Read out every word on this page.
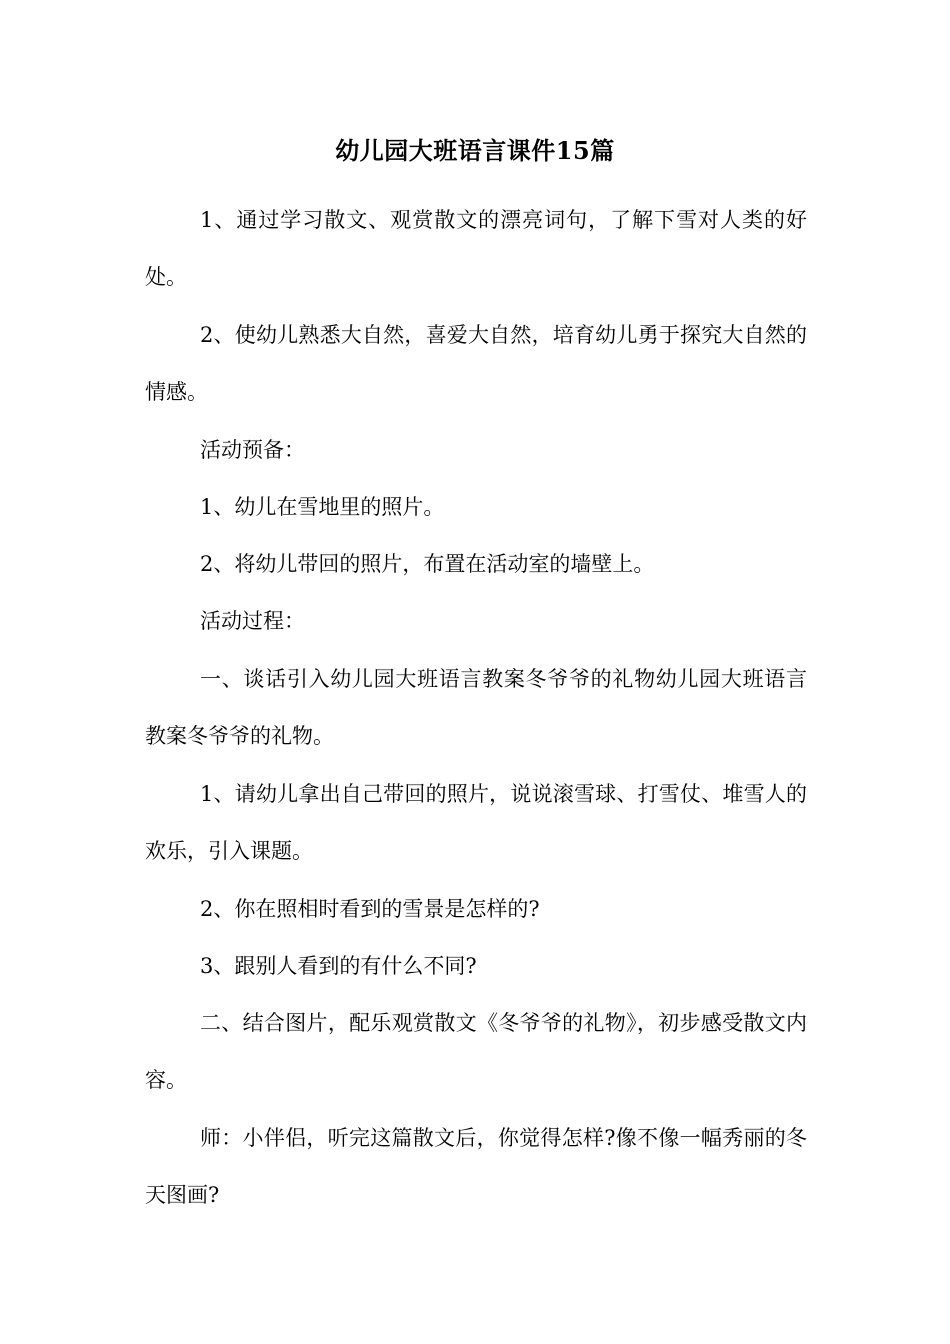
幼儿园大班语言课件15篇

1、通过学习散文、观赏散文的漂亮词句，了解下雪对人类的好处。

2、使幼儿熟悉大自然，喜爱大自然，培育幼儿勇于探究大自然的情感。

活动预备：

1、幼儿在雪地里的照片。

2、将幼儿带回的照片，布置在活动室的墙壁上。

活动过程：

一、谈话引入幼儿园大班语言教案冬爷爷的礼物幼儿园大班语言教案冬爷爷的礼物。

1、请幼儿拿出自己带回的照片，说说滚雪球、打雪仗、堆雪人的欢乐，引入课题。

2、你在照相时看到的雪景是怎样的?

3、跟别人看到的有什么不同?

二、结合图片，配乐观赏散文《冬爷爷的礼物》，初步感受散文内容。

师：小伴侣，听完这篇散文后，你觉得怎样?像不像一幅秀丽的冬天图画?
